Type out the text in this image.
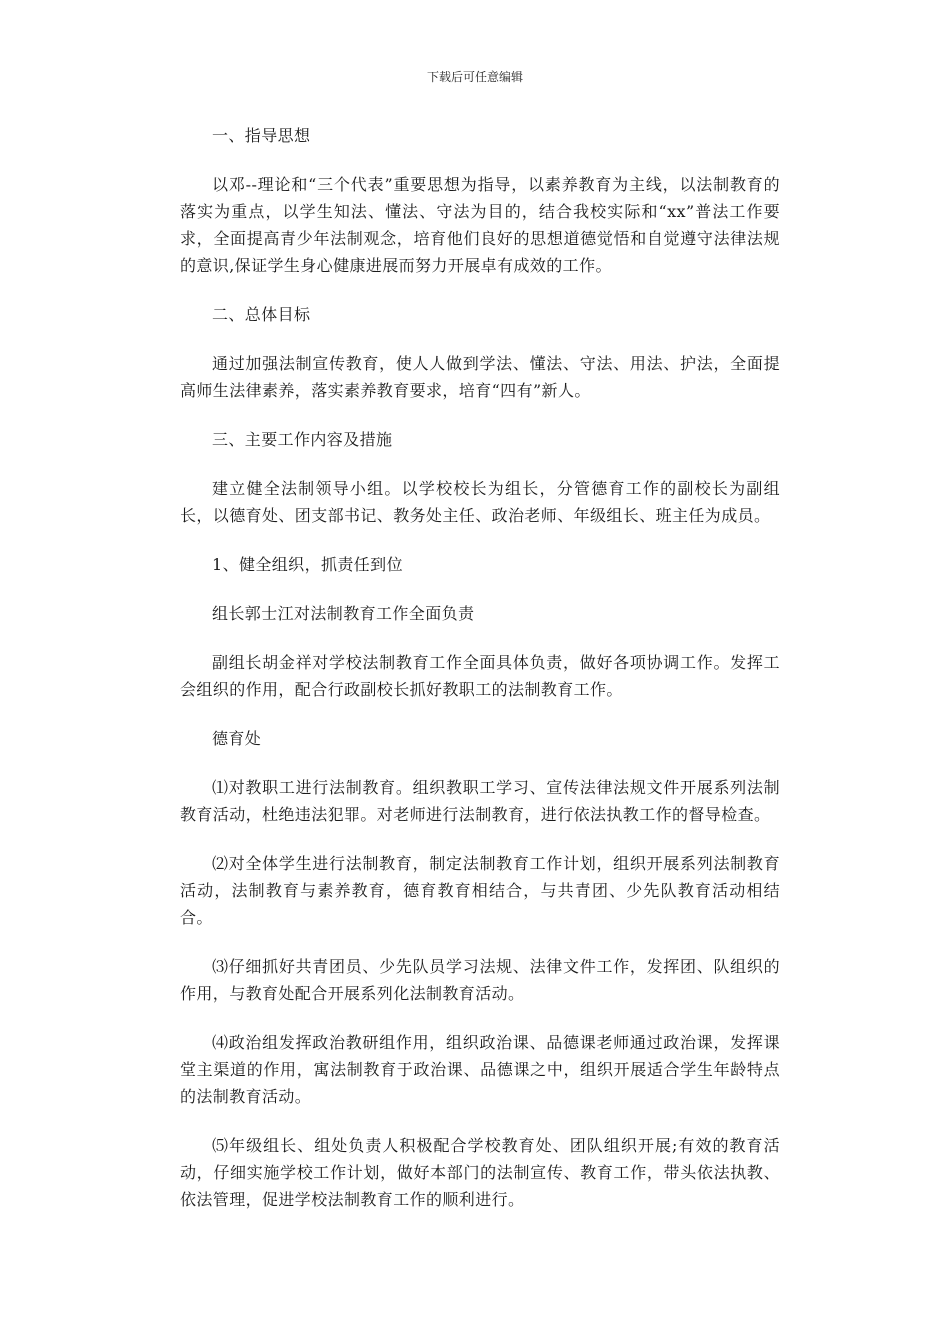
下载后可任意编辑

一、指导思想

以邓--理论和“三个代表”重要思想为指导，以素养教育为主线，以法制教育的落实为重点，以学生知法、懂法、守法为目的，结合我校实际和“xx”普法工作要求，全面提高青少年法制观念，培育他们良好的思想道德觉悟和自觉遵守法律法规的意识,保证学生身心健康进展而努力开展卓有成效的工作。

二、总体目标

通过加强法制宣传教育，使人人做到学法、懂法、守法、用法、护法，全面提高师生法律素养，落实素养教育要求，培育“四有”新人。

三、主要工作内容及措施

建立健全法制领导小组。以学校校长为组长，分管德育工作的副校长为副组长，以德育处、团支部书记、教务处主任、政治老师、年级组长、班主任为成员。

1、健全组织，抓责任到位

组长郭士江对法制教育工作全面负责

副组长胡金祥对学校法制教育工作全面具体负责，做好各项协调工作。发挥工会组织的作用，配合行政副校长抓好教职工的法制教育工作。

德育处

⑴对教职工进行法制教育。组织教职工学习、宣传法律法规文件开展系列法制教育活动，杜绝违法犯罪。对老师进行法制教育，进行依法执教工作的督导检查。

⑵对全体学生进行法制教育，制定法制教育工作计划，组织开展系列法制教育活动，法制教育与素养教育，德育教育相结合，与共青团、少先队教育活动相结合。

⑶仔细抓好共青团员、少先队员学习法规、法律文件工作，发挥团、队组织的作用，与教育处配合开展系列化法制教育活动。

⑷政治组发挥政治教研组作用，组织政治课、品德课老师通过政治课，发挥课堂主渠道的作用，寓法制教育于政治课、品德课之中，组织开展适合学生年龄特点的法制教育活动。

⑸年级组长、组处负责人积极配合学校教育处、团队组织开展;有效的教育活动，仔细实施学校工作计划，做好本部门的法制宣传、教育工作，带头依法执教、依法管理，促进学校法制教育工作的顺利进行。
